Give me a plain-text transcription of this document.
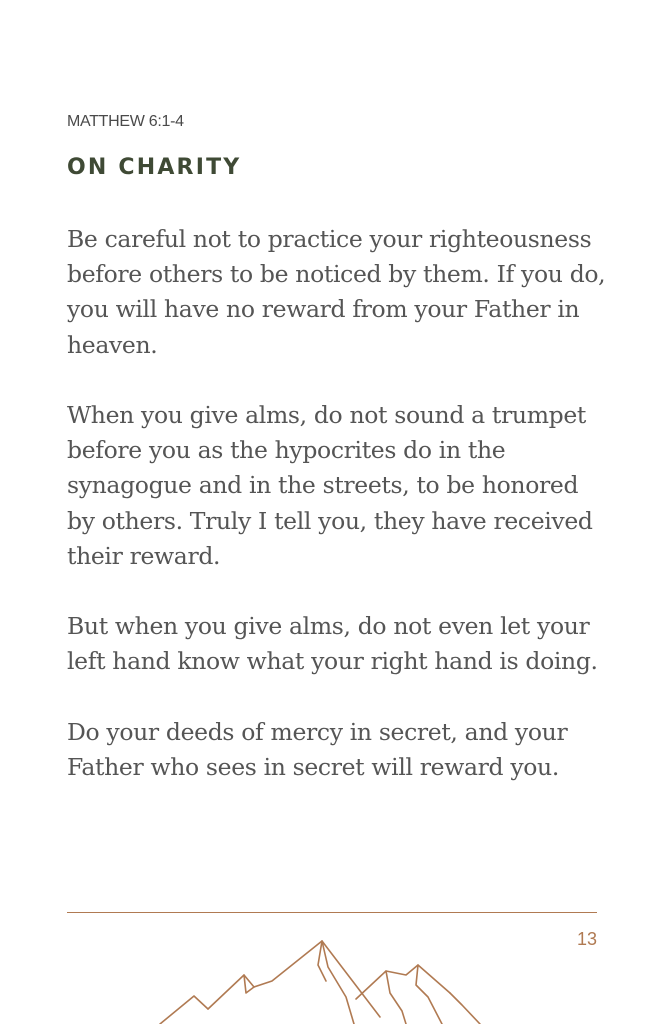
MATTHEW 6:1-4

ON CHARITY

Be careful not to practice your righteousness before others to be noticed by them. If you do, you will have no reward from your Father in heaven.

When you give alms, do not sound a trumpet before you as the hypocrites do in the synagogue and in the streets, to be honored by others. Truly I tell you, they have received their reward.

But when you give alms, do not even let your left hand know what your right hand is doing.

Do your deeds of mercy in secret, and your Father who sees in secret will reward you.

13
